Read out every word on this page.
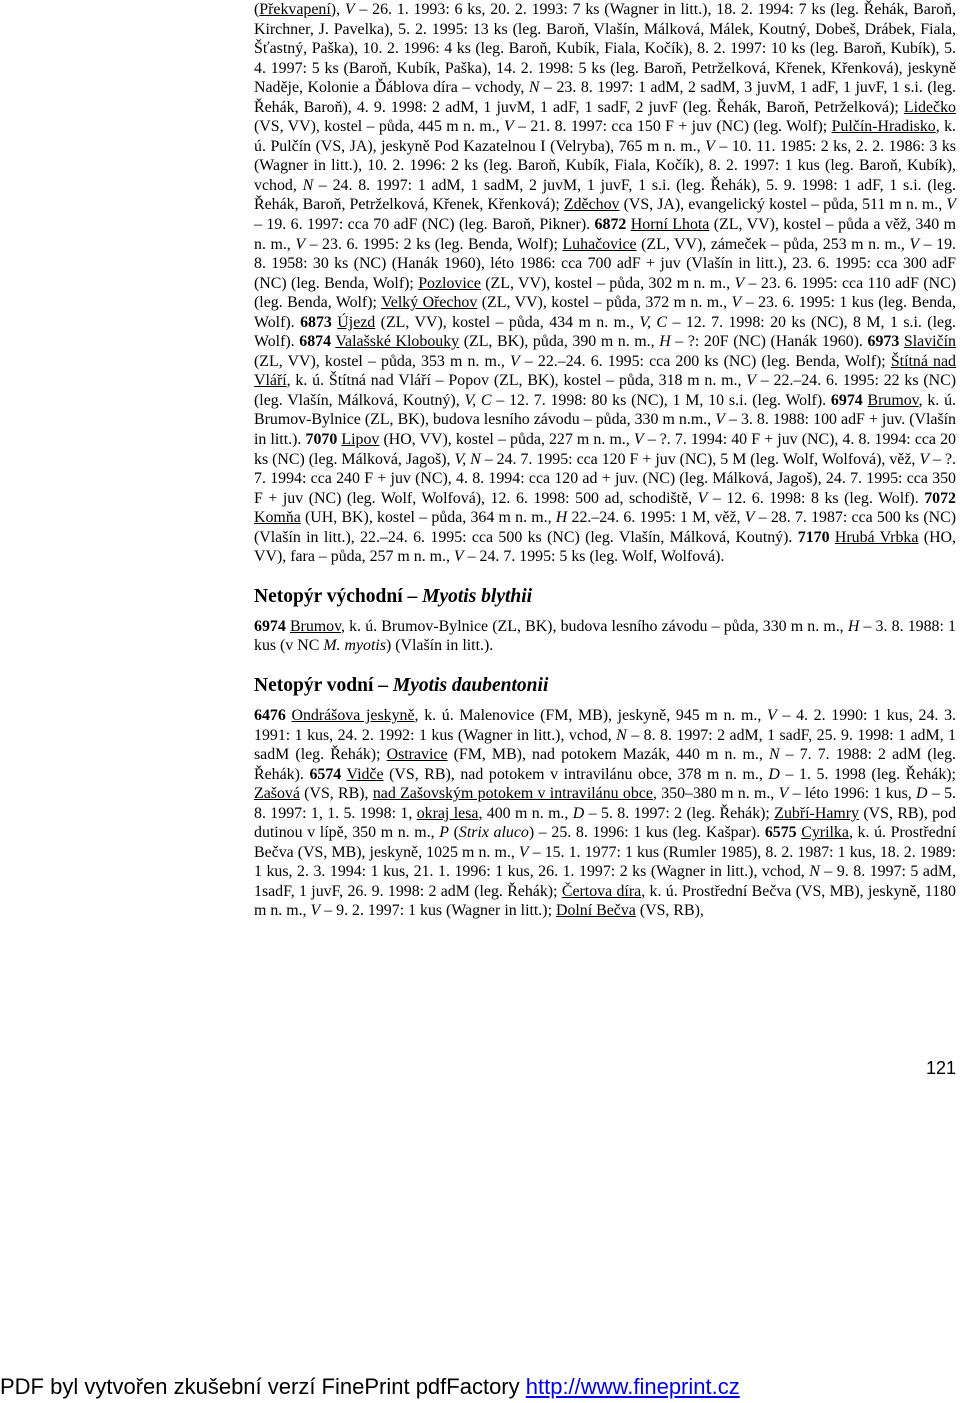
(Překvapení), V – 26. 1. 1993: 6 ks, 20. 2. 1993: 7 ks (Wagner in litt.), 18. 2. 1994: 7 ks (leg. Řehák, Baroň, Kirchner, J. Pavelka), 5. 2. 1995: 13 ks (leg. Baroň, Vlašín, Málková, Málek, Koutný, Dobeš, Drábek, Fiala, Šťastný, Paška), 10. 2. 1996: 4 ks (leg. Baroň, Kubík, Fiala, Kočík), 8. 2. 1997: 10 ks (leg. Baroň, Kubík), 5. 4. 1997: 5 ks (Baroň, Kubík, Paška), 14. 2. 1998: 5 ks (leg. Baroň, Petrželková, Křenek, Křenková), jeskyně Naděje, Kolonie a Ďáblova díra – vchody, N – 23. 8. 1997: 1 adM, 2 sadM, 3 juvM, 1 adF, 1 juvF, 1 s.i. (leg. Řehák, Baroň), 4. 9. 1998: 2 adM, 1 juvM, 1 adF, 1 sadF, 2 juvF (leg. Řehák, Baroň, Petrželková); Lidečko (VS, VV), kostel – půda, 445 m n. m., V – 21. 8. 1997: cca 150 F + juv (NC) (leg. Wolf); Pulčín-Hradisko, k. ú. Pulčín (VS, JA), jeskyně Pod Kazatelnou I (Velryba), 765 m n. m., V – 10. 11. 1985: 2 ks, 2. 2. 1986: 3 ks (Wagner in litt.), 10. 2. 1996: 2 ks (leg. Baroň, Kubík, Fiala, Kočík), 8. 2. 1997: 1 kus (leg. Baroň, Kubík), vchod, N – 24. 8. 1997: 1 adM, 1 sadM, 2 juvM, 1 juvF, 1 s.i. (leg. Řehák), 5. 9. 1998: 1 adF, 1 s.i. (leg. Řehák, Baroň, Petrželková, Křenek, Křenková); Zděchov (VS, JA), evangelický kostel – půda, 511 m n. m., V – 19. 6. 1997: cca 70 adF (NC) (leg. Baroň, Pikner). 6872 Horní Lhota (ZL, VV), kostel – půda a věž, 340 m n. m., V – 23. 6. 1995: 2 ks (leg. Benda, Wolf); Luhačovice (ZL, VV), zámeček – půda, 253 m n. m., V – 19. 8. 1958: 30 ks (NC) (Hanák 1960), léto 1986: cca 700 adF + juv (Vlašín in litt.), 23. 6. 1995: cca 300 adF (NC) (leg. Benda, Wolf); Pozlovice (ZL, VV), kostel – půda, 302 m n. m., V – 23. 6. 1995: cca 110 adF (NC) (leg. Benda, Wolf); Velký Ořechov (ZL, VV), kostel – půda, 372 m n. m., V – 23. 6. 1995: 1 kus (leg. Benda, Wolf). 6873 Újezd (ZL, VV), kostel – půda, 434 m n. m., V, C – 12. 7. 1998: 20 ks (NC), 8 M, 1 s.i. (leg. Wolf). 6874 Valašské Klobouky (ZL, BK), půda, 390 m n. m., H – ?: 20F (NC) (Hanák 1960). 6973 Slavičín (ZL, VV), kostel – půda, 353 m n. m., V – 22.–24. 6. 1995: cca 200 ks (NC) (leg. Benda, Wolf); Štítná nad Vláří, k. ú. Štítná nad Vláří – Popov (ZL, BK), kostel – půda, 318 m n. m., V – 22.–24. 6. 1995: 22 ks (NC) (leg. Vlašín, Málková, Koutný), V, C – 12. 7. 1998: 80 ks (NC), 1 M, 10 s.i. (leg. Wolf). 6974 Brumov, k. ú. Brumov-Bylnice (ZL, BK), budova lesního závodu – půda, 330 m n.m., V – 3. 8. 1988: 100 adF + juv. (Vlašín in litt.). 7070 Lipov (HO, VV), kostel – půda, 227 m n. m., V – ?. 7. 1994: 40 F + juv (NC), 4. 8. 1994: cca 20 ks (NC) (leg. Málková, Jagoš), V, N – 24. 7. 1995: cca 120 F + juv (NC), 5 M (leg. Wolf, Wolfová), věž, V – ?. 7. 1994: cca 240 F + juv (NC), 4. 8. 1994: cca 120 ad + juv. (NC) (leg. Málková, Jagoš), 24. 7. 1995: cca 350 F + juv (NC) (leg. Wolf, Wolfová), 12. 6. 1998: 500 ad, schodiště, V – 12. 6. 1998: 8 ks (leg. Wolf). 7072 Komňa (UH, BK), kostel – půda, 364 m n. m., H 22.–24. 6. 1995: 1 M, věž, V – 28. 7. 1987: cca 500 ks (NC) (Vlašín in litt.), 22.–24. 6. 1995: cca 500 ks (NC) (leg. Vlašín, Málková, Koutný). 7170 Hrubá Vrbka (HO, VV), fara – půda, 257 m n. m., V – 24. 7. 1995: 5 ks (leg. Wolf, Wolfová).
Netopýr východní – Myotis blythii
6974 Brumov, k. ú. Brumov-Bylnice (ZL, BK), budova lesního závodu – půda, 330 m n. m., H – 3. 8. 1988: 1 kus (v NC M. myotis) (Vlašín in litt.).
Netopýr vodní – Myotis daubentonii
6476 Ondrášova jeskyně, k. ú. Malenovice (FM, MB), jeskyně, 945 m n. m., V – 4. 2. 1990: 1 kus, 24. 3. 1991: 1 kus, 24. 2. 1992: 1 kus (Wagner in litt.), vchod, N – 8. 8. 1997: 2 adM, 1 sadF, 25. 9. 1998: 1 adM, 1 sadM (leg. Řehák); Ostravice (FM, MB), nad potokem Mazák, 440 m n. m., N – 7. 7. 1988: 2 adM (leg. Řehák). 6574 Vidče (VS, RB), nad potokem v intravilánu obce, 378 m n. m., D – 1. 5. 1998 (leg. Řehák); Zašová (VS, RB), nad Zašovským potokem v intravilánu obce, 350–380 m n. m., V – léto 1996: 1 kus, D – 5. 8. 1997: 1, 1. 5. 1998: 1, okraj lesa, 400 m n. m., D – 5. 8. 1997: 2 (leg. Řehák); Zubří-Hamry (VS, RB), pod dutinou v lípě, 350 m n. m., P (Strix aluco) – 25. 8. 1996: 1 kus (leg. Kašpar). 6575 Cyrilka, k. ú. Prostřední Bečva (VS, MB), jeskyně, 1025 m n. m., V – 15. 1. 1977: 1 kus (Rumler 1985), 8. 2. 1987: 1 kus, 18. 2. 1989: 1 kus, 2. 3. 1994: 1 kus, 21. 1. 1996: 1 kus, 26. 1. 1997: 2 ks (Wagner in litt.), vchod, N – 9. 8. 1997: 5 adM, 1sadF, 1 juvF, 26. 9. 1998: 2 adM (leg. Řehák); Čertova díra, k. ú. Prostřední Bečva (VS, MB), jeskyně, 1180 m n. m., V – 9. 2. 1997: 1 kus (Wagner in litt.); Dolní Bečva (VS, RB),
121
PDF byl vytvořen zkušební verzí FinePrint pdfFactory http://www.fineprint.cz
